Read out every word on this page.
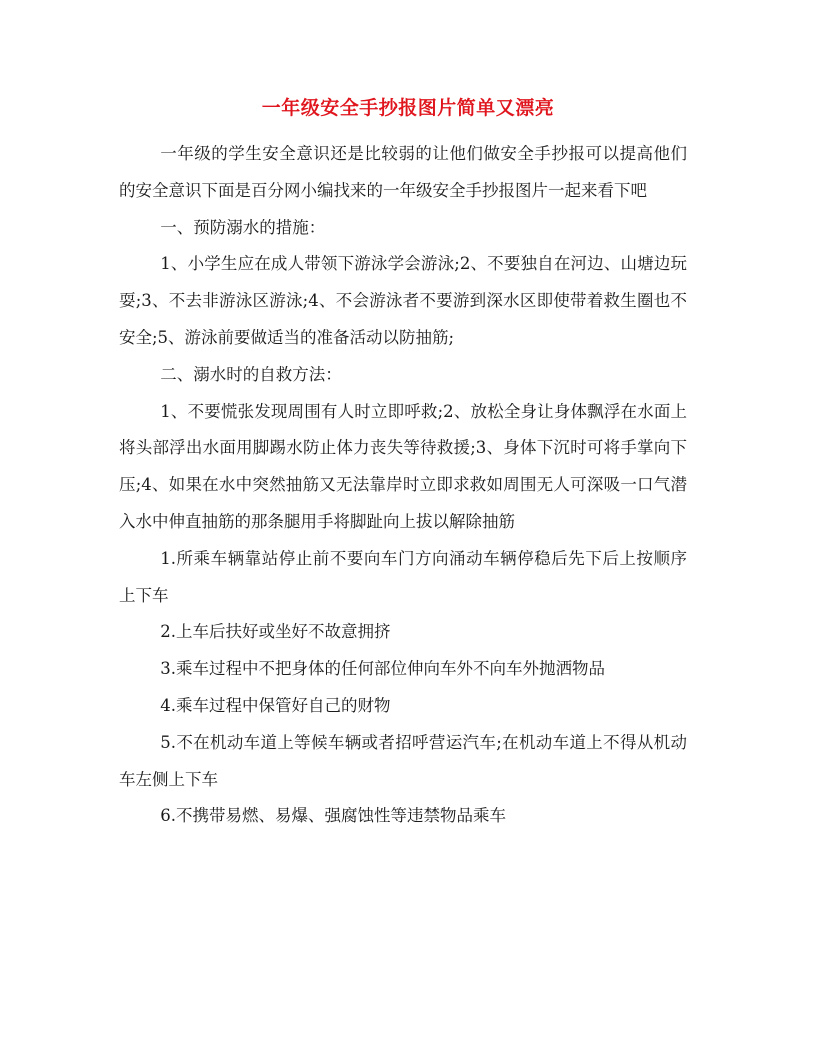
一年级安全手抄报图片简单又漂亮

一年级的学生安全意识还是比较弱的让他们做安全手抄报可以提高他们的安全意识下面是百分网小编找来的一年级安全手抄报图片一起来看下吧

一、预防溺水的措施：

1、小学生应在成人带领下游泳学会游泳;2、不要独自在河边、山塘边玩耍;3、不去非游泳区游泳;4、不会游泳者不要游到深水区即使带着救生圈也不安全;5、游泳前要做适当的准备活动以防抽筋;

二、溺水时的自救方法：

1、不要慌张发现周围有人时立即呼救;2、放松全身让身体飘浮在水面上将头部浮出水面用脚踢水防止体力丧失等待救援;3、身体下沉时可将手掌向下压;4、如果在水中突然抽筋又无法靠岸时立即求救如周围无人可深吸一口气潜入水中伸直抽筋的那条腿用手将脚趾向上拔以解除抽筋

1.所乘车辆靠站停止前不要向车门方向涌动车辆停稳后先下后上按顺序上下车

2.上车后扶好或坐好不故意拥挤

3.乘车过程中不把身体的任何部位伸向车外不向车外抛洒物品

4.乘车过程中保管好自己的财物

5.不在机动车道上等候车辆或者招呼营运汽车;在机动车道上不得从机动车左侧上下车

6.不携带易燃、易爆、强腐蚀性等违禁物品乘车
